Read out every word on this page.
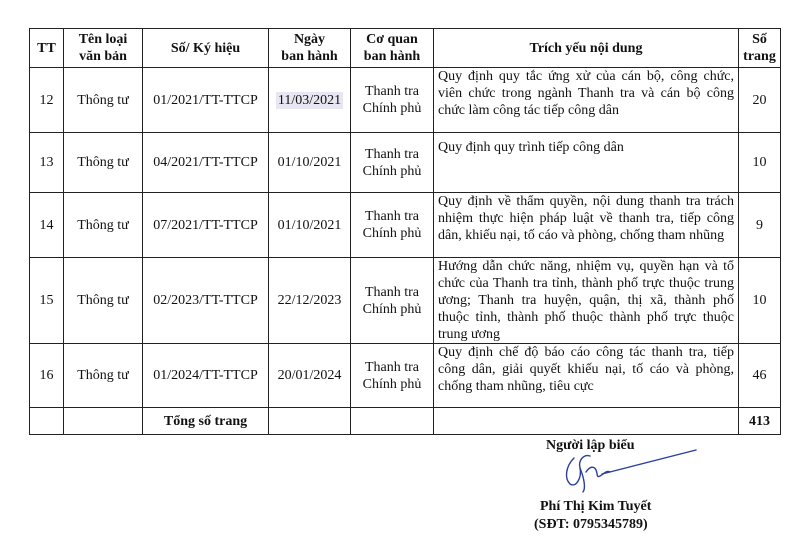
TT	Tên loại
văn bản	Số/ Ký hiệu	Ngày
ban hành	Cơ quan
ban hành	Trích yếu nội dung	Số
trang
12	Thông tư	01/2021/TT-TTCP	11/03/2021	Thanh tra
Chính phủ	Quy định quy tắc ứng xử của cán bộ, công chức, viên chức trong ngành Thanh tra và cán bộ công chức làm công tác tiếp công dân	20
13	Thông tư	04/2021/TT-TTCP	01/10/2021	Thanh tra
Chính phủ	Quy định quy trình tiếp công dân	10
14	Thông tư	07/2021/TT-TTCP	01/10/2021	Thanh tra
Chính phủ	Quy định về thẩm quyền, nội dung thanh tra trách nhiệm thực hiện pháp luật về thanh tra, tiếp công dân, khiếu nại, tố cáo và phòng, chống tham nhũng	9
15	Thông tư	02/2023/TT-TTCP	22/12/2023	Thanh tra
Chính phủ	Hướng dẫn chức năng, nhiệm vụ, quyền hạn và tổ chức của Thanh tra tỉnh, thành phố trực thuộc trung ương; Thanh tra huyện, quận, thị xã, thành phố thuộc tỉnh, thành phố thuộc thành phố trực thuộc trung ương	10
16	Thông tư	01/2024/TT-TTCP	20/01/2024	Thanh tra
Chính phủ	Quy định chế độ báo cáo công tác thanh tra, tiếp công dân, giải quyết khiếu nại, tố cáo và phòng, chống tham nhũng, tiêu cực	46
		Tổng số trang				413
Người lập biểu
Phí Thị Kim Tuyết
(SĐT: 0795345789)
